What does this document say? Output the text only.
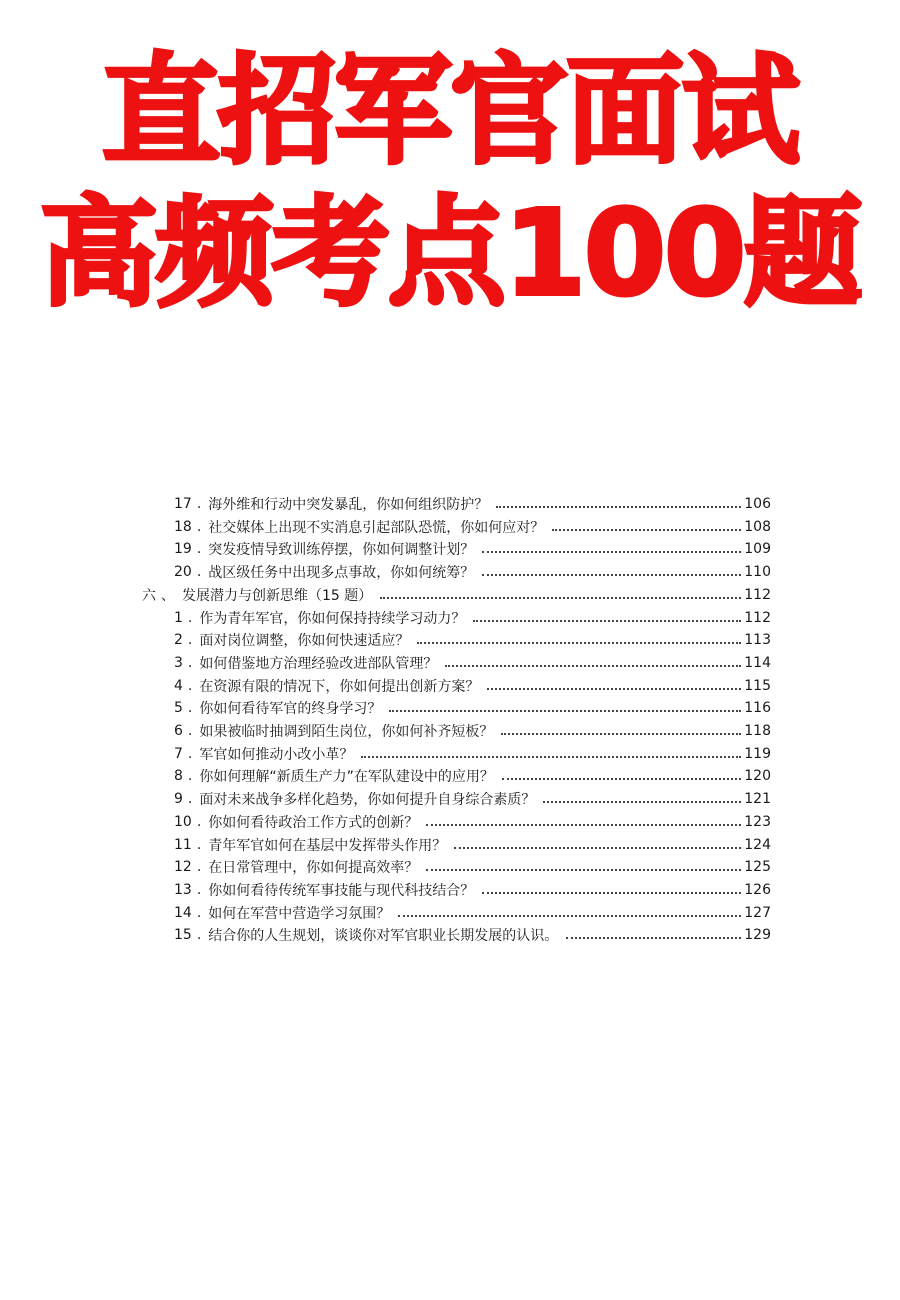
直招军官面试
高频考点100题
17 . 海外维和行动中突发暴乱，你如何组织防护？	106
18 . 社交媒体上出现不实消息引起部队恐慌，你如何应对？	108
19 . 突发疫情导致训练停摆，你如何调整计划？	109
20 . 战区级任务中出现多点事故，你如何统筹？	110
六 、 发展潜力与创新思维（15 题）	112
1 . 作为青年军官，你如何保持持续学习动力？	112
2 . 面对岗位调整，你如何快速适应？	113
3 . 如何借鉴地方治理经验改进部队管理？	114
4 . 在资源有限的情况下，你如何提出创新方案？	115
5 . 你如何看待军官的终身学习？	116
6 . 如果被临时抽调到陌生岗位，你如何补齐短板？	118
7 . 军官如何推动小改小革？	119
8 . 你如何理解“新质生产力”在军队建设中的应用？	120
9 . 面对未来战争多样化趋势，你如何提升自身综合素质？	121
10 . 你如何看待政治工作方式的创新？	123
11 . 青年军官如何在基层中发挥带头作用？	124
12 . 在日常管理中，你如何提高效率？	125
13 . 你如何看待传统军事技能与现代科技结合？	126
14 . 如何在军营中营造学习氛围？	127
15 . 结合你的人生规划，谈谈你对军官职业长期发展的认识。	129
